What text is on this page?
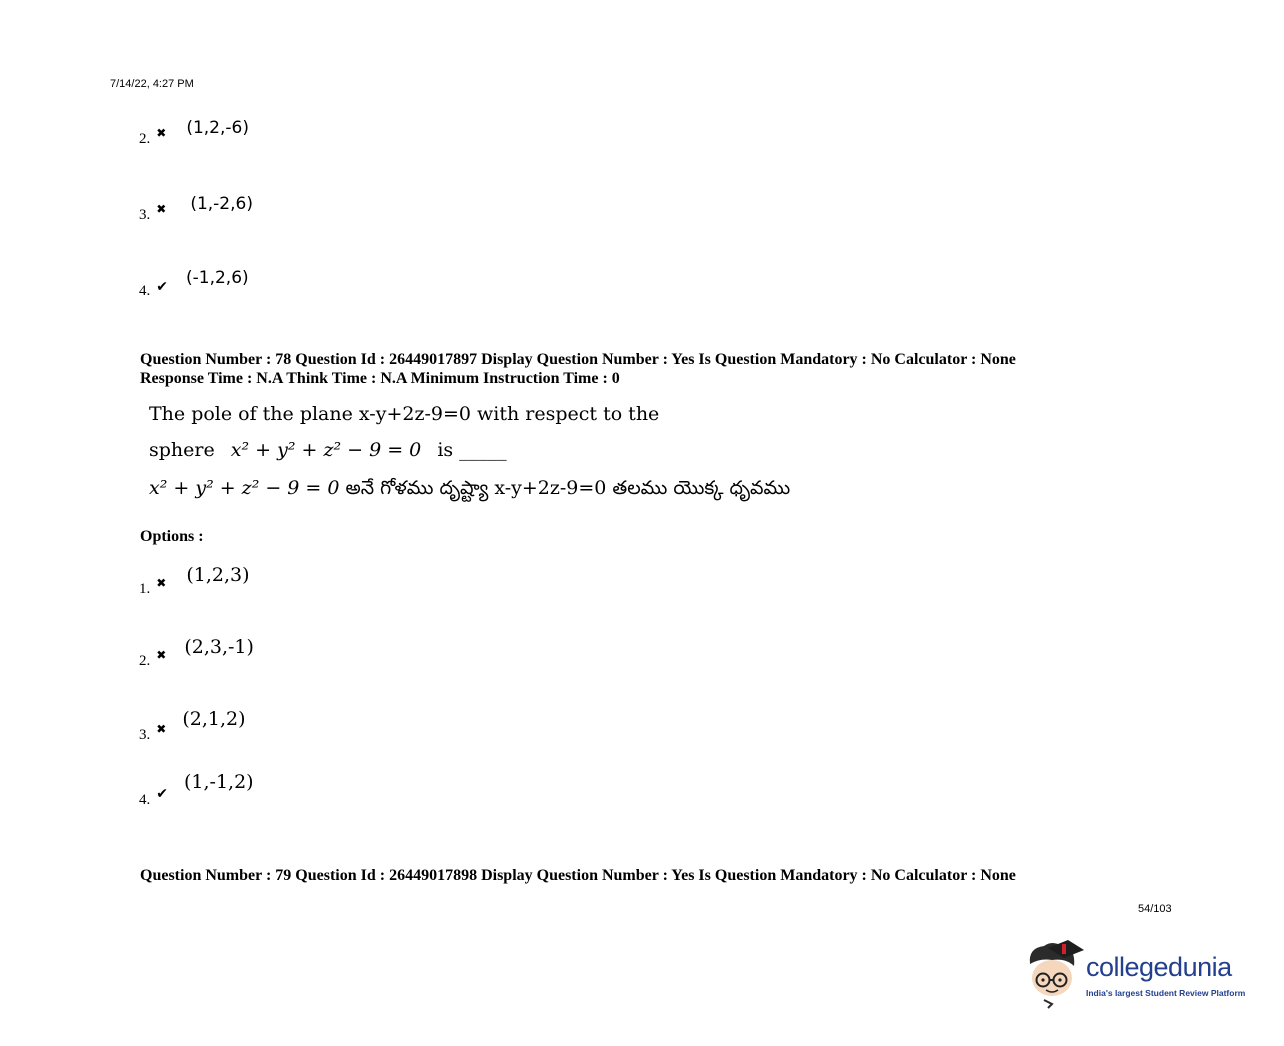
7/14/22, 4:27 PM
2. ✖ (1,2,-6)
3. ✖ (1,-2,6)
4. ✔ (-1,2,6)
Question Number : 78 Question Id : 26449017897 Display Question Number : Yes Is Question Mandatory : No Calculator : None
Response Time : N.A Think Time : N.A Minimum Instruction Time : 0
The pole of the plane x-y+2z-9=0 with respect to the
sphere x² + y² + z² − 9 = 0 is _____
x² + y² + z² − 9 = 0 అనే గోళము దృష్ట్యా x-y+2z-9=0 తలము యొక్క ధృవము
Options :
1. ✖ (1,2,3)
2. ✖ (2,3,-1)
3. ✖ (2,1,2)
4. ✔ (1,-1,2)
Question Number : 79 Question Id : 26449017898 Display Question Number : Yes Is Question Mandatory : No Calculator : None
54/103
collegedunia
India's largest Student Review Platform
